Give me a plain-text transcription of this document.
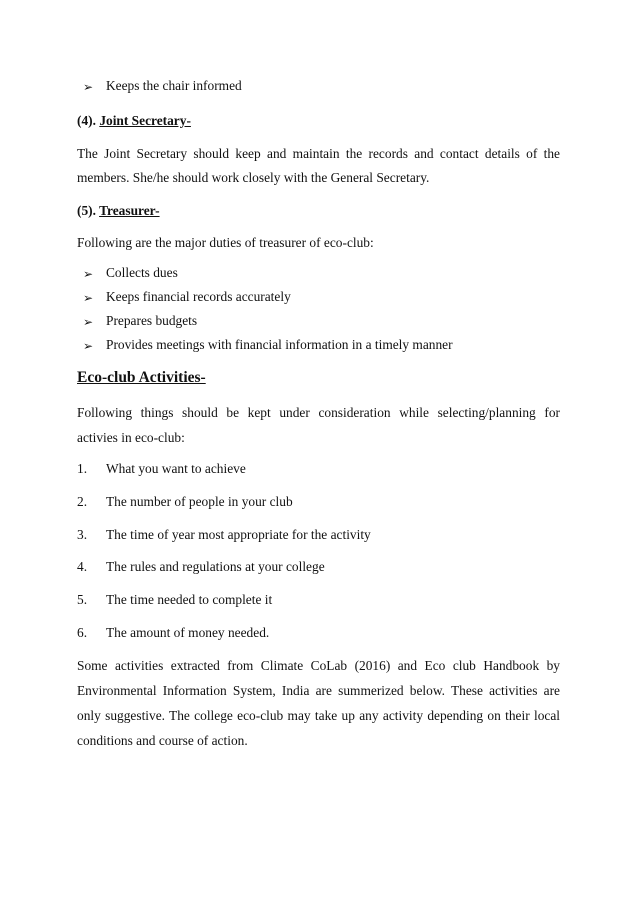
➢ Keeps the chair informed
(4). Joint Secretary-
The Joint Secretary should keep and maintain the records and contact details of the
members. She/he should work closely with the General Secretary.
(5). Treasurer-
Following are the major duties of treasurer of eco-club:
➢ Collects dues
➢ Keeps financial records accurately
➢ Prepares budgets
➢ Provides meetings with financial information in a timely manner
Eco-club Activities-
Following things should be kept under consideration while selecting/planning for
activies in eco-club:
1. What you want to achieve
2. The number of people in your club
3. The time of year most appropriate for the activity
4. The rules and regulations at your college
5. The time needed to complete it
6. The amount of money needed.
Some activities extracted from Climate CoLab (2016) and Eco club Handbook by
Environmental Information System, India are summerized below. These activities are
only suggestive. The college eco-club may take up any activity depending on their local
conditions and course of action.
